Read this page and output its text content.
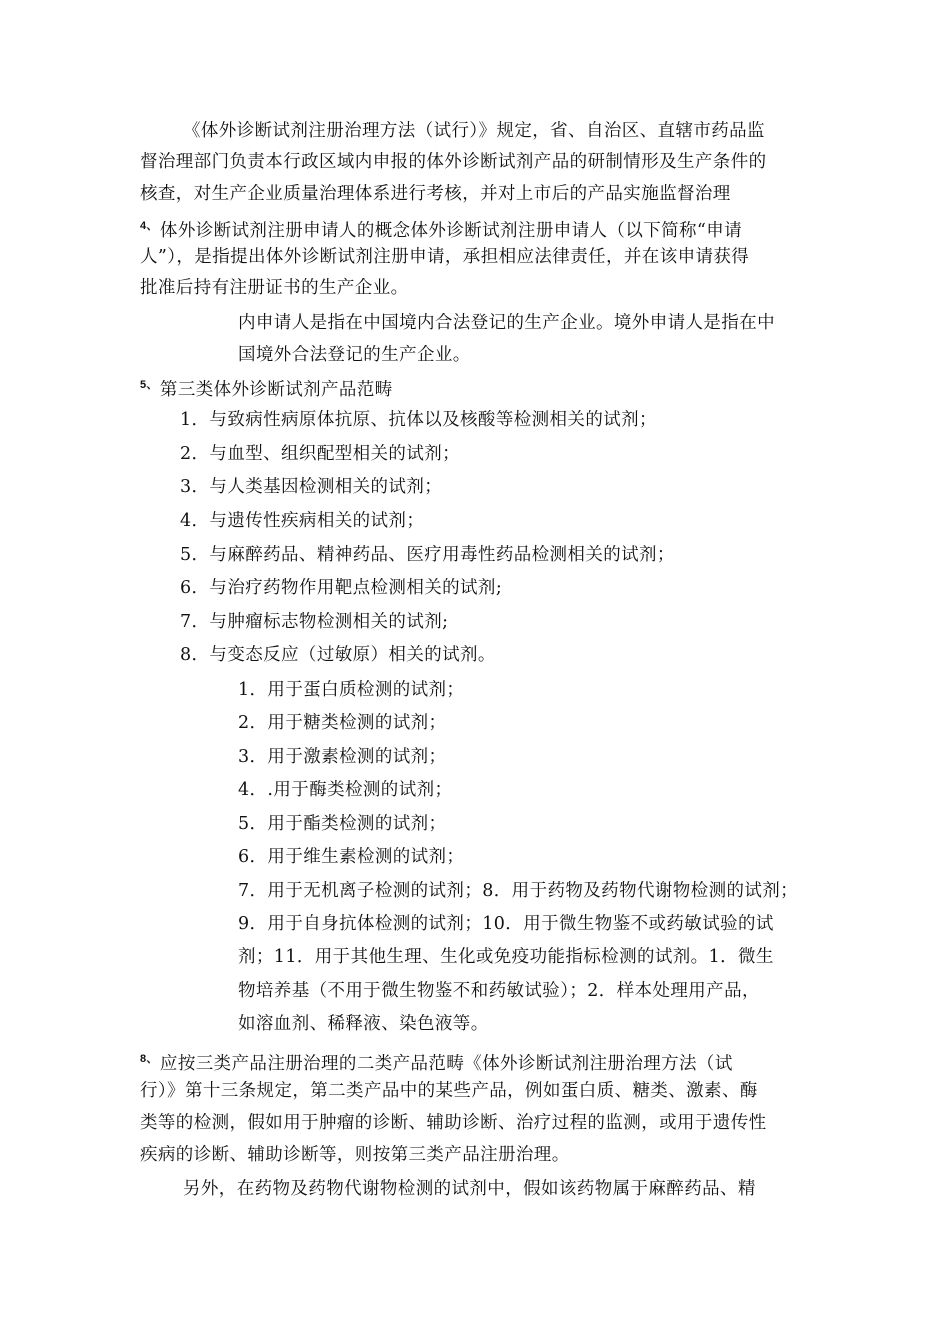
《体外诊断试剂注册治理方法（试行）》规定，省、自治区、直辖市药品监
督治理部门负责本行政区域内申报的体外诊断试剂产品的研制情形及生产条件的
核查，对生产企业质量治理体系进行考核，并对上市后的产品实施监督治理
$^{4、}$ 体外诊断试剂注册申请人的概念体外诊断试剂注册申请人（以下简称“申请
人”），是指提出体外诊断试剂注册申请，承担相应法律责任，并在该申请获得
批准后持有注册证书的生产企业。
内申请人是指在中国境内合法登记的生产企业。境外申请人是指在中
国境外合法登记的生产企业。
$^{5、}$ 第三类体外诊断试剂产品范畴
1．与致病性病原体抗原、抗体以及核酸等检测相关的试剂；
2．与血型、组织配型相关的试剂；
3．与人类基因检测相关的试剂；
4．与遗传性疾病相关的试剂；
5．与麻醉药品、精神药品、医疗用毒性药品检测相关的试剂；
6．与治疗药物作用靶点检测相关的试剂;
7．与肿瘤标志物检测相关的试剂;
8．与变态反应（过敏原）相关的试剂。
1．用于蛋白质检测的试剂；
2．用于糖类检测的试剂；
3．用于激素检测的试剂；
4．.用于酶类检测的试剂；
5．用于酯类检测的试剂；
6．用于维生素检测的试剂；
7．用于无机离子检测的试剂；8．用于药物及药物代谢物检测的试剂；
9．用于自身抗体检测的试剂；10．用于微生物鉴不或药敏试验的试
剂；11．用于其他生理、生化或免疫功能指标检测的试剂。1．微生
物培养基（不用于微生物鉴不和药敏试验）；2．样本处理用产品，
如溶血剂、稀释液、染色液等。
$^{8、}$ 应按三类产品注册治理的二类产品范畴《体外诊断试剂注册治理方法（试
行）》第十三条规定，第二类产品中的某些产品，例如蛋白质、糖类、激素、酶
类等的检测，假如用于肿瘤的诊断、辅助诊断、治疗过程的监测，或用于遗传性
疾病的诊断、辅助诊断等，则按第三类产品注册治理。
另外，在药物及药物代谢物检测的试剂中，假如该药物属于麻醉药品、精
